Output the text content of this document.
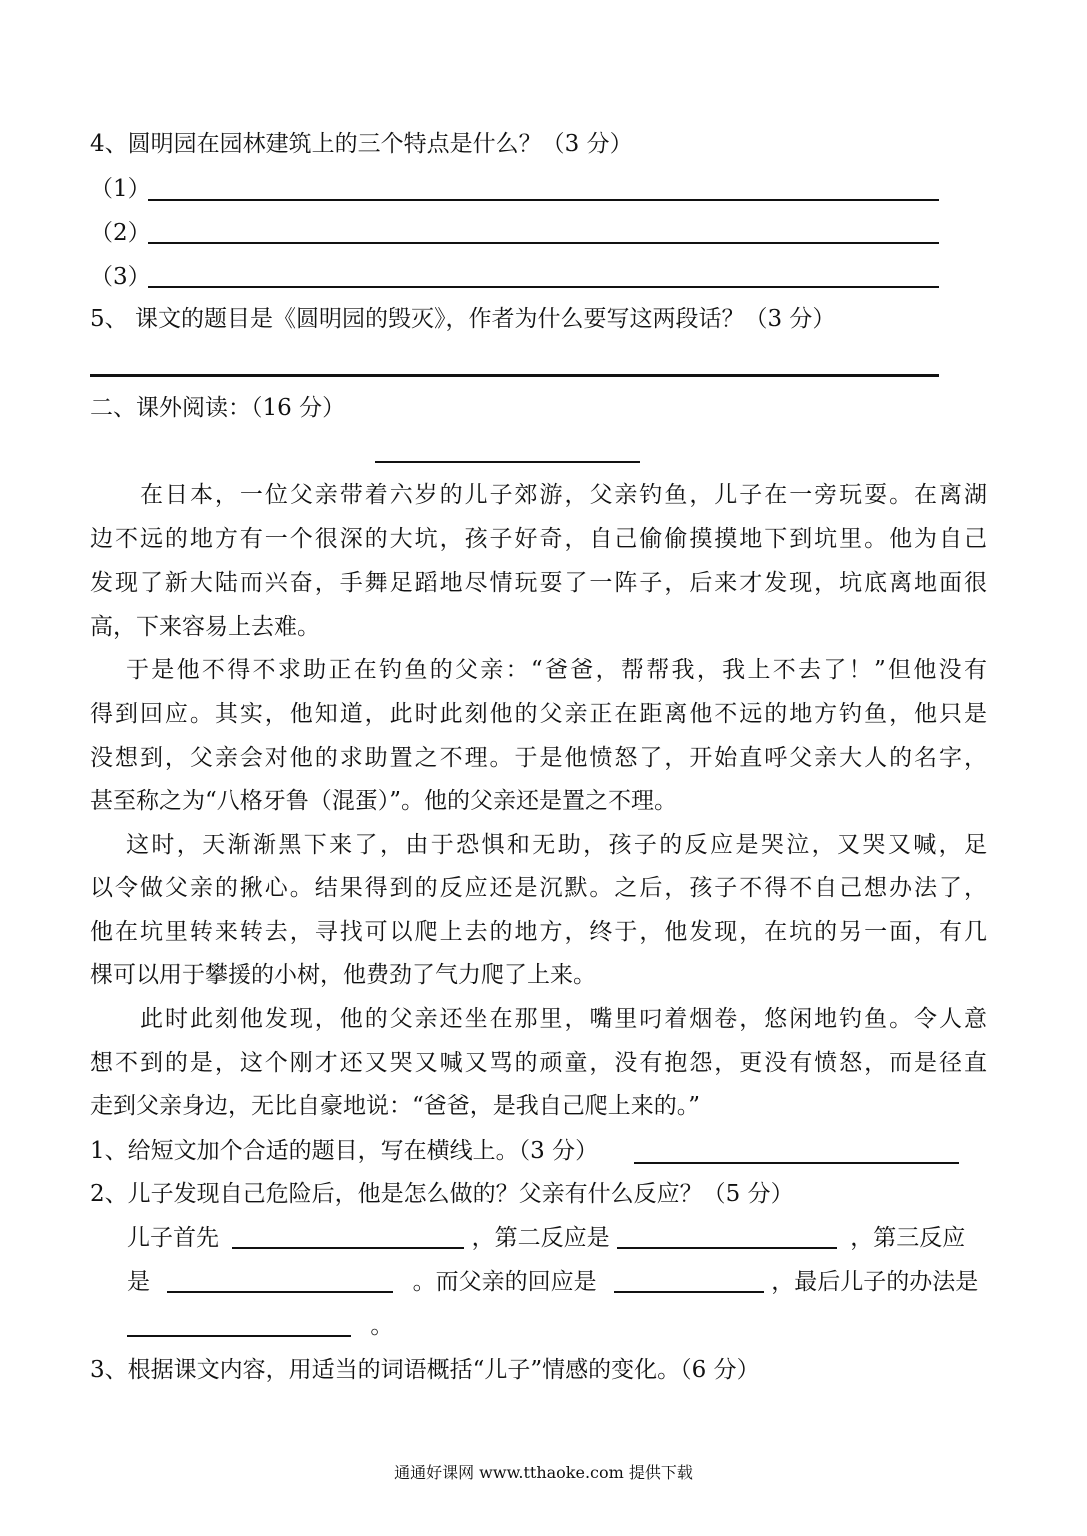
4、圆明园在园林建筑上的三个特点是什么？（3 分）
（1）
（2）
（3）
5、 课文的题目是《圆明园的毁灭》，作者为什么要写这两段话？（3 分）
二、课外阅读：（16 分）
在日本，一位父亲带着六岁的儿子郊游，父亲钓鱼，儿子在一旁玩耍。在离湖
边不远的地方有一个很深的大坑，孩子好奇，自己偷偷摸摸地下到坑里。他为自己
发现了新大陆而兴奋，手舞足蹈地尽情玩耍了一阵子，后来才发现，坑底离地面很
高，下来容易上去难。
于是他不得不求助正在钓鱼的父亲：“爸爸，帮帮我，我上不去了！”但他没有
得到回应。其实，他知道，此时此刻他的父亲正在距离他不远的地方钓鱼，他只是
没想到，父亲会对他的求助置之不理。于是他愤怒了，开始直呼父亲大人的名字，
甚至称之为“八格牙鲁（混蛋）”。他的父亲还是置之不理。
这时，天渐渐黑下来了，由于恐惧和无助，孩子的反应是哭泣，又哭又喊，足
以令做父亲的揪心。结果得到的反应还是沉默。之后，孩子不得不自己想办法了，
他在坑里转来转去，寻找可以爬上去的地方，终于，他发现，在坑的另一面，有几
棵可以用于攀援的小树，他费劲了气力爬了上来。
此时此刻他发现，他的父亲还坐在那里，嘴里叼着烟卷，悠闲地钓鱼。令人意
想不到的是，这个刚才还又哭又喊又骂的顽童，没有抱怨，更没有愤怒，而是径直
走到父亲身边，无比自豪地说：“爸爸，是我自己爬上来的。”
1、给短文加个合适的题目，写在横线上。（3 分）
2、儿子发现自己危险后，他是怎么做的？父亲有什么反应？（5 分）
儿子首先	，第二反应是	，第三反应
是	。而父亲的回应是	，最后儿子的办法是
。
3、根据课文内容，用适当的词语概括“儿子”情感的变化。（6 分）
通通好课网 www.tthaoke.com 提供下载
